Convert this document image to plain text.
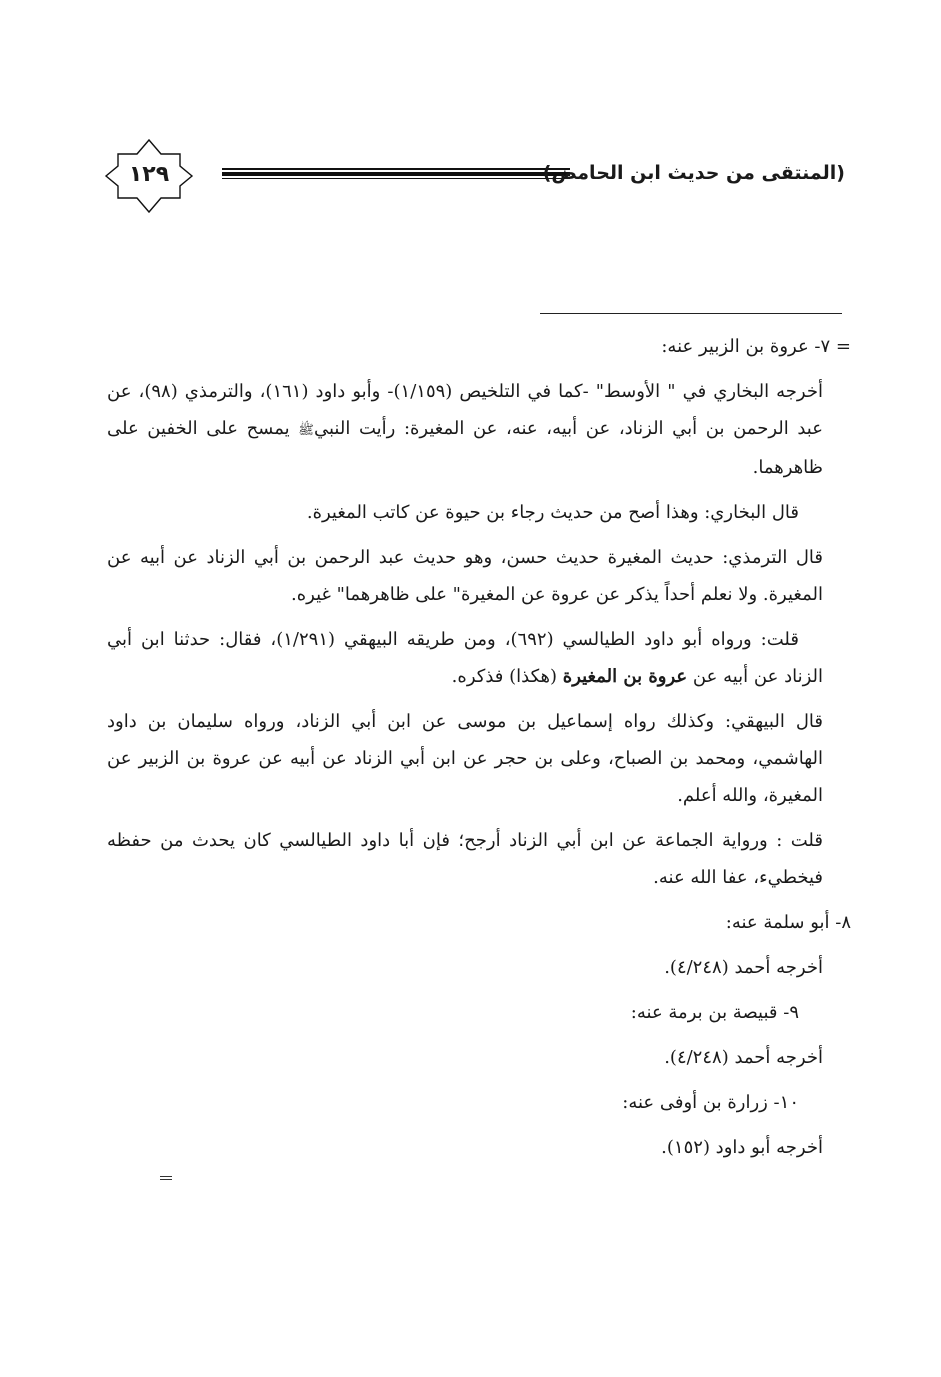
١٢٩	(المنتقى من حديث ابن الحامض)

= ٧- عروة بن الزبير عنه:

أخرجه البخاري في " الأوسط" -كما في التلخيص (١/١٥٩)- وأبو داود (١٦١)، والترمذي (٩٨)، عن عبد الرحمن بن أبي الزناد، عن أبيه، عنه، عن المغيرة: رأيت النبيﷺ يمسح على الخفين على ظاهرهما.

قال البخاري: وهذا أصح من حديث رجاء بن حيوة عن كاتب المغيرة.

قال الترمذي: حديث المغيرة حديث حسن، وهو حديث عبد الرحمن بن أبي الزناد عن أبيه عن المغيرة. ولا نعلم أحداً يذكر عن عروة عن المغيرة" على ظاهرهما" غيره.

قلت: ورواه أبو داود الطيالسي (٦٩٢)، ومن طريقه البيهقي (١/٢٩١)، فقال: حدثنا ابن أبي الزناد عن أبيه عن عروة بن المغيرة (هكذا) فذكره.

قال البيهقي: وكذلك رواه إسماعيل بن موسى عن ابن أبي الزناد، ورواه سليمان بن داود الهاشمي، ومحمد بن الصباح، وعلى بن حجر عن ابن أبي الزناد عن أبيه عن عروة بن الزبير عن المغيرة، والله أعلم.

قلت : ورواية الجماعة عن ابن أبي الزناد أرجح؛ فإن أبا داود الطيالسي كان يحدث من حفظه فيخطيء، عفا الله عنه.

٨- أبو سلمة عنه:

أخرجه أحمد (٤/٢٤٨).

٩- قبيصة بن برمة عنه:

أخرجه أحمد (٤/٢٤٨).

١٠- زرارة بن أوفى عنه:

أخرجه أبو داود (١٥٢).
